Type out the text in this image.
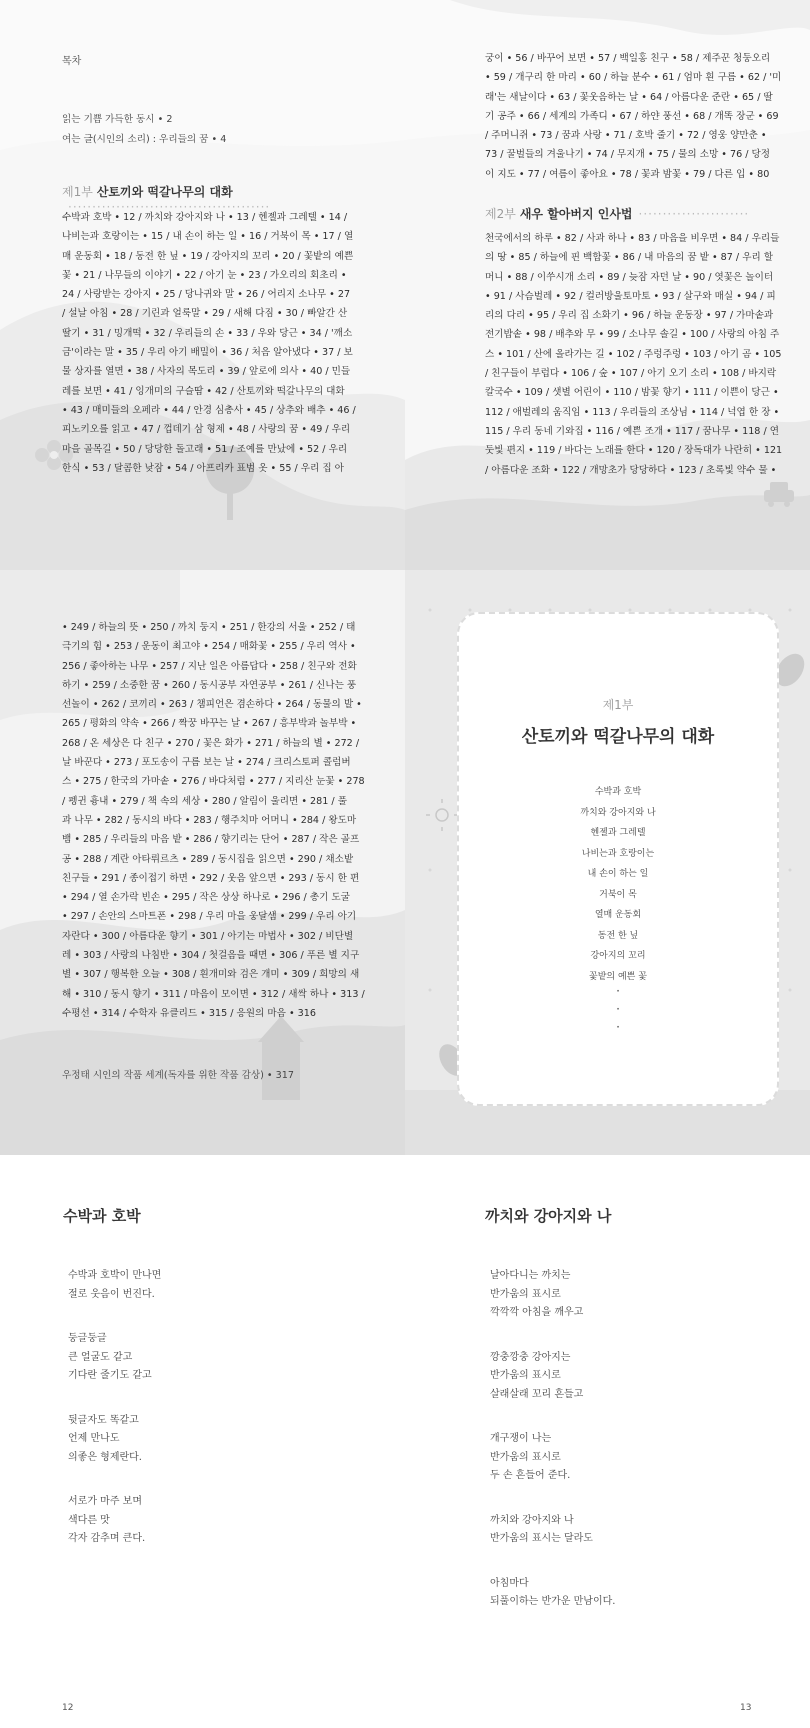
목차
읽는 기쁨 가득한 동시 • 2
여는 글(시인의 소리) : 우리들의 꿈 • 4
제1부 산토끼와 떡갈나무의 대화··········································
수박과 호박 • 12 / 까치와 강아지와 나 • 13 / 헨젤과 그레텔 • 14 /
나비는과 호랑이는 • 15 / 내 손이 하는 일 • 16 / 거북이 목 • 17 / 열
매 운동회 • 18 / 동전 한 닢 • 19 / 강아지의 꼬리 • 20 / 꽃밭의 예쁜
꽃 • 21 / 나무들의 이야기 • 22 / 아기 눈 • 23 / 가오리의 회초리 •
24 / 사랑받는 강아지 • 25 / 당나귀와 말 • 26 / 어리지 소나무 • 27
/ 설날 아침 • 28 / 기린과 얼룩말 • 29 / 새해 다짐 • 30 / 빠알간 산
딸기 • 31 / 밍개떡 • 32 / 우리들의 손 • 33 / 우와 당근 • 34 / '깨소
금'이라는 말 • 35 / 우리 아기 배밀이 • 36 / 처음 알아냈다 • 37 / 보
물 상자를 열면 • 38 / 사자의 목도리 • 39 / 앞로에 의사 • 40 / 민들
레를 보면 • 41 / 잉개미의 구슬땀 • 42 / 산토끼와 떡갈나무의 대화
• 43 / 매미들의 오페라 • 44 / 안경 심총사 • 45 / 상추와 배추 • 46 /
피노키오를 읽고 • 47 / 껍데기 삼 형제 • 48 / 사랑의 꿈 • 49 / 우리
마을 골목길 • 50 / 당당한 돌고래 • 51 / 조예를 만났에 • 52 / 우리
한식 • 53 / 달콤한 낮잠 • 54 / 아프리카 표범 옷 • 55 / 우리 집 아
궁이 • 56 / 바꾸어 보면 • 57 / 백일홍 친구 • 58 / 제주꾼 청둥오리
• 59 / 개구리 한 마리 • 60 / 하늘 분수 • 61 / 엄마 흰 구름 • 62 / '미
래'는 새날이다 • 63 / 꽃웃음하는 날 • 64 / 아름다운 준란 • 65 / 딸
기 공주 • 66 / 세계의 가족디 • 67 / 하얀 풍선 • 68 / 개똑 장군 • 69
/ 주머니쥐 • 73 / 꿈과 사랑 • 71 / 호박 줄기 • 72 / 영웅 양만춘 •
73 / 꿀벌들의 겨울나기 • 74 / 무지개 • 75 / 물의 소망 • 76 / 당정
이 지도 • 77 / 여름이 좋아요 • 78 / 꽃과 밤꽃 • 79 / 다른 입 • 80
제2부 새우 할아버지 인사법 ·······················
천국에서의 하루 • 82 / 사과 하나 • 83 / 마음을 비우면 • 84 / 우리들
의 땅 • 85 / 하늘에 핀 백합꽃 • 86 / 내 마음의 꿈 밭 • 87 / 우리 할
머니 • 88 / 이쑤시개 소리 • 89 / 늦잠 자던 날 • 90 / 엿꽃은 놀이터
• 91 / 사슴벌레 • 92 / 컬러방울토마토 • 93 / 살구와 매실 • 94 / 피
리의 다리 • 95 / 우리 집 소화기 • 96 / 하늘 운동장 • 97 / 가마솥과
전기밥솥 • 98 / 배추와 무 • 99 / 소나무 솔길 • 100 / 사랑의 아침 주
스 • 101 / 산에 올라가는 길 • 102 / 주렁주렁 • 103 / 아기 곰 • 105
/ 친구들이 부럽다 • 106 / 숲 • 107 / 아기 오기 소리 • 108 / 바지락
칼국수 • 109 / 샛별 어린이 • 110 / 밤꽃 향기 • 111 / 이쁜이 당근 •
112 / 애벌레의 움직임 • 113 / 우리들의 조상님 • 114 / 넉엽 한 장 •
115 / 우리 동네 기와집 • 116 / 예쁜 조개 • 117 / 꿈나무 • 118 / 연
둣빛 편지 • 119 / 바다는 노래를 한다 • 120 / 장독대가 나란히 • 121
/ 아름다운 조화 • 122 / 개망초가 당당하다 • 123 / 초록빛 약수 물 •
• 249 / 하늘의 뜻 • 250 / 까치 둥지 • 251 / 한강의 서울 • 252 / 태
극기의 힘 • 253 / 운동이 최고야 • 254 / 매화꽃 • 255 / 우리 역사 •
256 / 좋아하는 나무 • 257 / 지난 일은 아름답다 • 258 / 친구와 전화
하기 • 259 / 소중한 꿈 • 260 / 동시공부 자연공부 • 261 / 신나는 풍
선놀이 • 262 / 코끼리 • 263 / 챔피언은 겸손하다 • 264 / 동물의 발 •
265 / 평화의 약속 • 266 / 짝꿍 바꾸는 날 • 267 / 흥부박과 놀부박 •
268 / 온 세상은 다 친구 • 270 / 꽃은 화가 • 271 / 하늘의 별 • 272 /
날 바꾼다 • 273 / 포도송이 구름 보는 날 • 274 / 크리스토퍼 콜럼버
스 • 275 / 한국의 가마솥 • 276 / 바다처럼 • 277 / 지리산 눈꽃 • 278
/ 펭귄 흉내 • 279 / 책 속의 세상 • 280 / 알림이 울리면 • 281 / 풀
과 나무 • 282 / 동시의 바다 • 283 / 행주치마 어머니 • 284 / 왕도마
뱀 • 285 / 우리들의 마음 밭 • 286 / 향기리는 단어 • 287 / 작은 골프
공 • 288 / 계란 아타뤼르츠 • 289 / 동시집을 읽으면 • 290 / 채소밭
친구들 • 291 / 종이접기 하면 • 292 / 웃음 앞으면 • 293 / 동시 한 편
• 294 / 열 손가락 빈손 • 295 / 작은 상상 하나로 • 296 / 총기 도굴
• 297 / 손안의 스마트폰 • 298 / 우리 마을 웅달샘 • 299 / 우리 아기
자란다 • 300 / 아름다운 향기 • 301 / 아기는 마법사 • 302 / 비단별
레 • 303 / 사랑의 나침반 • 304 / 첫걸음을 때면 • 306 / 푸른 별 지구
별 • 307 / 행복한 오늘 • 308 / 흰개미와 검은 개미 • 309 / 희망의 새
해 • 310 / 동시 향기 • 311 / 마음이 모이면 • 312 / 새싹 하나 • 313 /
수평선 • 314 / 수학자 유클리드 • 315 / 응원의 마음 • 316
우정태 시인의 작품 세계(독자를 위한 작품 감상) • 317
제1부
산토끼와 떡갈나무의 대화
수박과 호박
까치와 강아지와 나
헨젤과 그레텔
나비는과 호랑이는
내 손이 하는 일
거북이 목
열매 운동회
동전 한 닢
강아지의 꼬리
꽃밭의 예쁜 꽃
·
·
·
수박과 호박
수박과 호박이 만나면
절로 웃음이 번진다.
둥글둥글
큰 얼굴도 같고
기다란 줄기도 같고
뒷글자도 똑같고
언제 만나도
의좋은 형제란다.
서로가 마주 보며
색다른 맛
각자 감추며 큰다.
12
까치와 강아지와 나
날아다니는 까치는
반가움의 표시로
깍깍깍 아침을 깨우고
깡충깡충 강아지는
반가움의 표시로
살래살래 꼬리 흔들고
개구쟁이 나는
반가움의 표시로
두 손 흔들어 준다.
까치와 강아지와 나
반가움의 표시는 달라도
아침마다
되풀이하는 반가운 만남이다.
13
